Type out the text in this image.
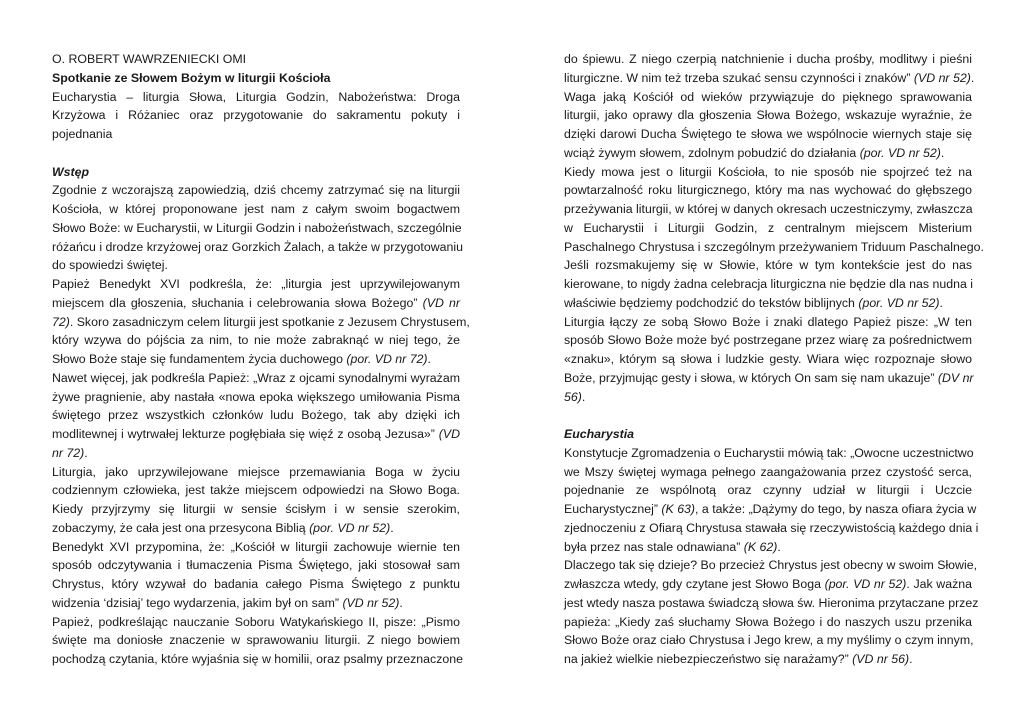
O. ROBERT WAWRZENIECKI OMI
Spotkanie ze Słowem Bożym w liturgii Kościoła
Eucharystia – liturgia Słowa, Liturgia Godzin, Nabożeństwa: Droga
Krzyżowa i Różaniec oraz przygotowanie do sakramentu pokuty i
pojednania
Wstęp
Zgodnie z wczorajszą zapowiedzią, dziś chcemy zatrzymać się na liturgii
Kościoła, w której proponowane jest nam z całym swoim bogactwem
Słowo Boże: w Eucharystii, w Liturgii Godzin i nabożeństwach, szczególnie
różańcu i drodze krzyżowej oraz Gorzkich Żalach, a także w przygotowaniu
do spowiedzi świętej.
Papież Benedykt XVI podkreśla, że: „liturgia jest uprzywilejowanym
miejscem dla głoszenia, słuchania i celebrowania słowa Bożego” (VD nr
72). Skoro zasadniczym celem liturgii jest spotkanie z Jezusem Chrystusem,
który wzywa do pójścia za nim, to nie może zabraknąć w niej tego, że
Słowo Boże staje się fundamentem życia duchowego (por. VD nr 72).
Nawet więcej, jak podkreśla Papież: „Wraz z ojcami synodalnymi wyrażam
żywe pragnienie, aby nastała «nowa epoka większego umiłowania Pisma
świętego przez wszystkich członków ludu Bożego, tak aby dzięki ich
modlitewnej i wytrwałej lekturze pogłębiała się więź z osobą Jezusa»” (VD
nr 72).
Liturgia, jako uprzywilejowane miejsce przemawiania Boga w życiu
codziennym człowieka, jest także miejscem odpowiedzi na Słowo Boga.
Kiedy przyjrzymy się liturgii w sensie ścisłym i w sensie szerokim,
zobaczymy, że cała jest ona przesycona Biblią (por. VD nr 52).
Benedykt XVI przypomina, że: „Kościół w liturgii zachowuje wiernie ten
sposób odczytywania i tłumaczenia Pisma Świętego, jaki stosował sam
Chrystus, który wzywał do badania całego Pisma Świętego z punktu
widzenia ‘dzisiaj’ tego wydarzenia, jakim był on sam” (VD nr 52).
Papież, podkreślając nauczanie Soboru Watykańskiego II, pisze: „Pismo
święte ma doniosłe znaczenie w sprawowaniu liturgii. Z niego bowiem
pochodzą czytania, które wyjaśnia się w homilii, oraz psalmy przeznaczone
do śpiewu. Z niego czerpią natchnienie i ducha prośby, modlitwy i pieśni
liturgiczne. W nim też trzeba szukać sensu czynności i znaków” (VD nr 52).
Waga jaką Kościół od wieków przywiązuje do pięknego sprawowania
liturgii, jako oprawy dla głoszenia Słowa Bożego, wskazuje wyraźnie, że
dzięki darowi Ducha Świętego te słowa we wspólnocie wiernych staje się
wciąż żywym słowem, zdolnym pobudzić do działania (por. VD nr 52).
Kiedy mowa jest o liturgii Kościoła, to nie sposób nie spojrzeć też na
powtarzalność roku liturgicznego, który ma nas wychować do głębszego
przeżywania liturgii, w której w danych okresach uczestniczymy, zwłaszcza
w Eucharystii i Liturgii Godzin, z centralnym miejscem Misterium
Paschalnego Chrystusa i szczególnym przeżywaniem Triduum Paschalnego.
Jeśli rozsmakujemy się w Słowie, które w tym kontekście jest do nas
kierowane, to nigdy żadna celebracja liturgiczna nie będzie dla nas nudna i
właściwie będziemy podchodzić do tekstów biblijnych (por. VD nr 52).
Liturgia łączy ze sobą Słowo Boże i znaki dlatego Papież pisze: „W ten
sposób Słowo Boże może być postrzegane przez wiarę za pośrednictwem
«znaku», którym są słowa i ludzkie gesty. Wiara więc rozpoznaje słowo
Boże, przyjmując gesty i słowa, w których On sam się nam ukazuje” (DV nr
56).
Eucharystia
Konstytucje Zgromadzenia o Eucharystii mówią tak: „Owocne uczestnictwo
we Mszy świętej wymaga pełnego zaangażowania przez czystość serca,
pojednanie ze wspólnotą oraz czynny udział w liturgii i Uczcie
Eucharystycznej” (K 63), a także: „Dążymy do tego, by nasza ofiara życia w
zjednoczeniu z Ofiarą Chrystusa stawała się rzeczywistością każdego dnia i
była przez nas stale odnawiana” (K 62).
Dlaczego tak się dzieje? Bo przecież Chrystus jest obecny w swoim Słowie,
zwłaszcza wtedy, gdy czytane jest Słowo Boga (por. VD nr 52). Jak ważna
jest wtedy nasza postawa świadczą słowa św. Hieronima przytaczane przez
papieża: „Kiedy zaś słuchamy Słowa Bożego i do naszych uszu przenika
Słowo Boże oraz ciało Chrystusa i Jego krew, a my myślimy o czym innym,
na jakież wielkie niebezpieczeństwo się narażamy?” (VD nr 56).
